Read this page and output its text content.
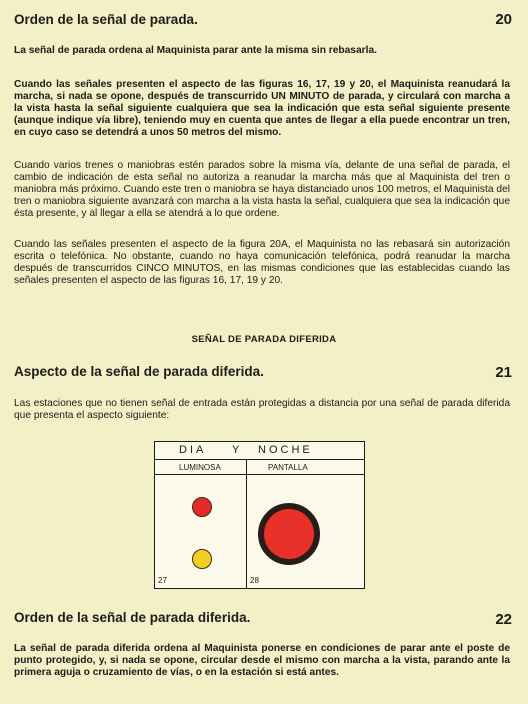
Orden de la señal de parada.	20

La señal de parada ordena al Maquinista parar ante la misma sin rebasarla.

Cuando las señales presenten el aspecto de las figuras 16, 17, 19 y 20, el Maquinista reanudará la marcha, si nada se opone, después de transcurrido UN MINUTO de parada, y circulará con marcha a la vista hasta la señal siguiente cualquiera que sea la indicación que esta señal siguiente presente (aunque indique vía libre), teniendo muy en cuenta que antes de llegar a ella puede encontrar un tren, en cuyo caso se detendrá a unos 50 metros del mismo.

Cuando varios trenes o maniobras estén parados sobre la misma vía, delante de una señal de parada, el cambio de indicación de esta señal no autoriza a reanudar la marcha más que al Maquinista del tren o maniobra más próximo. Cuando este tren o maniobra se haya distanciado unos 100 metros, el Maquinista del tren o maniobra siguiente avanzará con marcha a la vista hasta la señal, cualquiera que sea la indicación que ésta presente, y al llegar a ella se atendrá a lo que ordene.

Cuando las señales presenten el aspecto de la figura 20A, el Maquinista no las rebasará sin autorización escrita o telefónica. No obstante, cuando no haya comunicación telefónica, podrá reanudar la marcha después de transcurridos CINCO MINUTOS, en las mismas condiciones que las establecidas cuando las señales presenten el aspecto de las figuras 16, 17, 19 y 20.

SEÑAL DE PARADA DIFERIDA
Aspecto de la señal de parada diferida.	21

Las estaciones que no tienen señal de entrada están protegidas a distancia por una señal de parada diferida que presenta el aspecto siguiente:

DIA Y NOCHE
LUMINOSA	PANTALLA
27	28
Orden de la señal de parada diferida.	22

La señal de parada diferida ordena al Maquinista ponerse en condiciones de parar ante el poste de punto protegido, y, si nada se opone, circular desde el mismo con marcha a la vista, parando ante la primera aguja o cruzamiento de vías, o en la estación si está antes.
